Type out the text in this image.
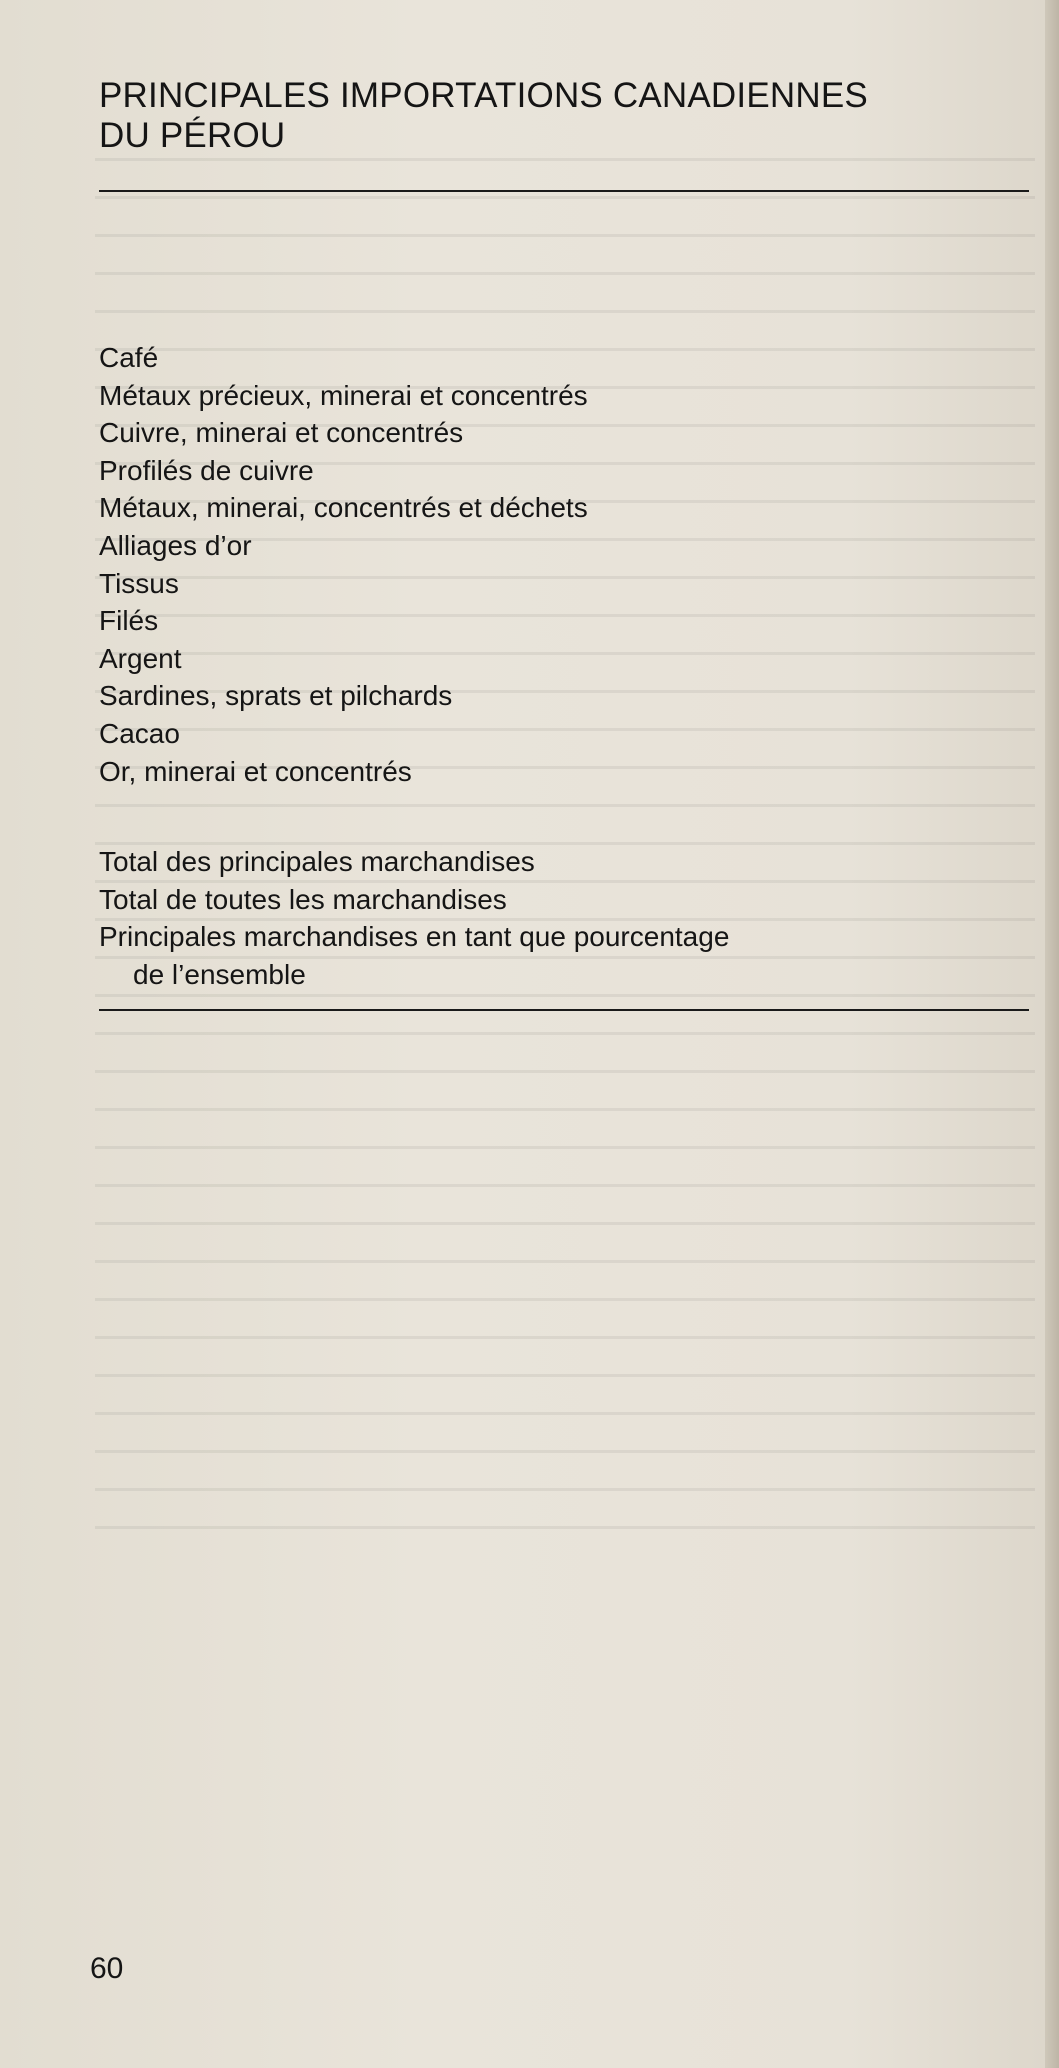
PRINCIPALES IMPORTATIONS CANADIENNES
DU PÉROU
Café
Métaux précieux, minerai et concentrés
Cuivre, minerai et concentrés
Profilés de cuivre
Métaux, minerai, concentrés et déchets
Alliages d’or
Tissus
Filés
Argent
Sardines, sprats et pilchards
Cacao
Or, minerai et concentrés
Total des principales marchandises
Total de toutes les marchandises
Principales marchandises en tant que pourcentage
de l’ensemble
60
